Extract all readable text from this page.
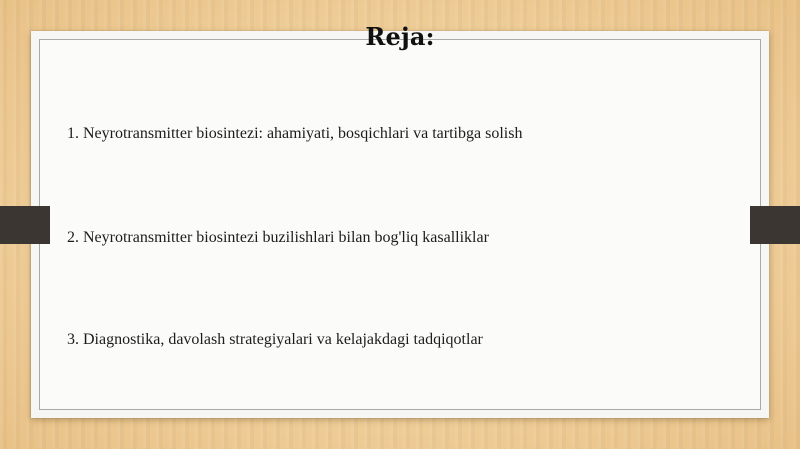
Reja:
1. Neyrotransmitter biosintezi: ahamiyati, bosqichlari va tartibga solish
2. Neyrotransmitter biosintezi buzilishlari bilan bog'liq kasalliklar
3. Diagnostika, davolash strategiyalari va kelajakdagi tadqiqotlar
